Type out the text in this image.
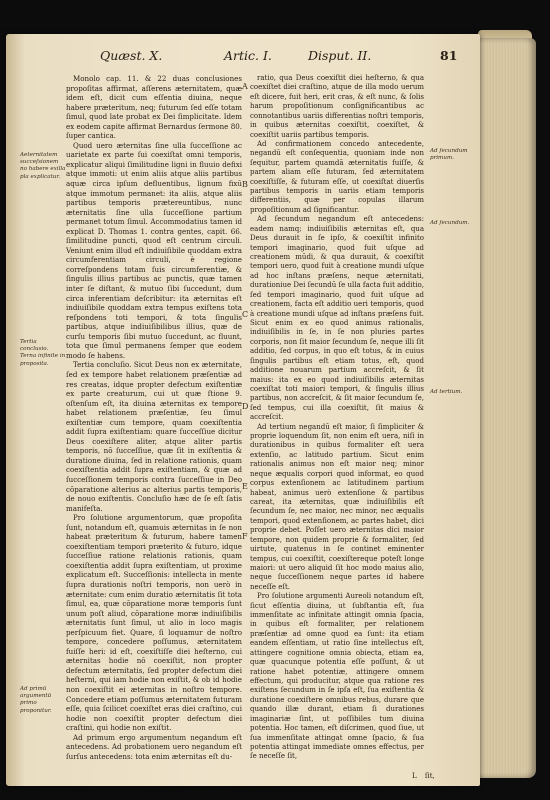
Quæst. X.	Artic. I.	Disput. II.	81
Aeternitatem succeſsionem no habere exilla pla explicatur.
Tertia conclusio. Terna infinite in proposita.
Ad primū argumentū primo proponitur.

Monolo cap. 11. & 22 duas conclusiones propoſitas affirmat, aſſerens æternitatem, quæ idem eſt, dicit cum eſſentia diuina, neque habere præteritum, neq; futurum ſed eſſe totam ſimul, quod late probat ex Dei ſimplicitate. Idem ex eodem capite affirmat Bernardus ſermone 80. ſuper cantica.

Quod uero æternitas ſine ulla ſucceſſione ac uarietate ex parte ſui coexiſtat omni temporis, explicatur aliqui ſimilitudine ligni in fluuio defixi atque immoti: ut enim aliis atque aliis partibus aquæ circa ipſum defluentibus, lignum fixū atque immotum permanet: ita aliis, atque aliis partibus temporis prætereuntibus, nunc æternitatis ſine ulla ſucceſſione partium permanet totum ſimul. Accommodatius tamen id explicat D. Thomas 1. contra gentes, capit. 66. ſimilitudine puncti, quod eſt centrum circuli. Veniunt enim illud eſt indiuiſibile quoddam extra circumferentiam circuli, è regione correſpondens totam ſuis circumferentiæ, & ſingulis illius partibus ac punctis, quæ tamen inter ſe diſtant, & mutuo ſibi ſuccedunt, dum circa inferentiam deſcribitur: ita æternitas eſt indiuiſibile quoddam extra tempus exiſtens tota reſpondens toti tempori, & tota ſingulis partibus, atque indiuiſibilibus illius, quæ de curſu temporis ſibi mutuo ſuccedunt, ac fluunt, tota que ſimul permanens ſemper que eodem modo ſe habens.

Tertia concluſio. Sicut Deus non ex æternitate, ſed ex tempore habet relationem præſentiæ ad res creatas, idque propter defectum exiſtentiæ ex parte creaturum, cui ut quæ ſtione 9. oſtenſum eſt, ita diuina æternitas ex tempore habet relationem præſentiæ, ſeu ſimul exiſtentiæ cum tempore, quam coexiſtentia addit ſupra exiſtentiam: quare ſucceſſiue dicitur Deus coexiſtere aliter, atque aliter partis temporis, nō ſucceſſiue, quæ ſit in exiſtentia & duratione diuina, ſed in relatione rationis, quam coexiſtentia addit ſupra exiſtentiam, & quæ ad ſucceſſionem temporis contra ſucceſſiue in Deo cōparatione alterius ac alterius partis temporis, de nouo exiſtentis. Concluſio hæc de ſe eſt ſatis manifeſta.

Pro ſolutione argumentorum, quæ propoſita ſunt, notandum eſt, quamuis æternitas in ſe non habeat præteritum & futurum, habere tamen coexiſtentiam tempori præterito & futuro, idque ſucceſſiue ratione relationis rationis, quam coexiſtentia addit ſupra exiſtentiam, ut proxime explicatum eſt. Succeſſionis: intellecta in mente ſupra durationis noſtri temporis, non uerò in æternitate: cum enim duratio æternitatis ſit tota ſimul, ea, quæ cōparatione moræ temporis ſunt unum poſt aliud, cōparatione moræ indiuiſibilis æternitatis ſunt ſimul, ut alio in loco magis perſpicuum fiet. Quare, ſi loquamur de noſtro tempore, concedere poſſumus, æternitatem fuiſſe heri: id eſt, coexiſtiſſe diei heſterno, cui æternitas hodie nō coexiſtit, non propter defectum æternitatis, ſed propter defectum diei heſterni, qui iam hodie non exiſtit, & ob id hodie non coexiſtit ei æternitas in noſtro tempore. Concedere etiam poſſumus æternitatem futuram eſſe, quia ſcilicet coexiſtet eras diei craſtino, cui hodie non coexiſtit propter defectum diei craſtini, qui hodie non exiſtit.

Ad primum ergo argumentum negandum eſt antecedens. Ad probationem uero negandum eſt ſurſus antecedens: tota enim æternitas eſt du-

A
B
C
D
E
F

ratio, qua Deus coexiſtit diei heſterno, & qua coexiſtet diei craſtino, atque de illa modo uerum eſt dicere, fuit heri, erit cras, & eſt nunc, & ſolis harum propoſitionum conſignificantibus ac connotantibus uariis differentias noſtri temporis, in quibus æternitas coexiſtit, coexiſtet, & coexiſtit uariis partibus temporis.

Ad confirmationem concedo antecedente, negandū eſt conſequentia, quoniam inde non ſequitur, partem quamdā æternitatis fuiſſe, & partem aliam eſſe futuram, ſed æternitatem coexiſtiſſe, & futuram eſſe, ut coexiſtat diuerſis partibus temporis in uariis etiam temporis differentiis, quæ per copulas illarum propoſitionum ad ſignificantur.

Ad ſecundum negandum eſt antecedens: eadem namq; indiuiſibilis æternitas eſt, qua Deus durauit in ſe ipſo, & coexiſtit infinito tempori imaginario, quod fuit uſque ad creationem mūdi, & qua durauit, & coexiſtit tempori uero, quod fuit à creatione mundi uſque ad hoc inſtans præſens, neque æternitati, durationiue Dei ſecundū ſe ulla facta fuit additio, ſed tempori imaginario, quod fuit uſque ad creationem, facta eſt additio ueri temporis, quod à creatione mundi uſque ad inſtans præſens fuit. Sicut enim ex eo quod animus rationalis, indiuiſibilis in ſe, in ſe non pluries partes corporis, non ſit maior ſecundum ſe, neque illi ſit additio, ſed corpus, in quo eſt totus, & in cuius ſingulis partibus eſt etiam totus, eſt, quod additione nouarum partium accreſcit, & ſit maius: ita ex eo quod indiuiſibilis æternitas coexiſtat toti maiori tempori, & ſingulis illius partibus, non accreſcit, & ſit maior ſecundum ſe, ſed tempus, cui illa coexiſtit, ſit maius & accreſcit.

Ad tertium negandū eſt maior, ſi ſimpliciter & proprie loquendum ſit, non enim eſt uera, niſi in durationibus in quibus formaliter eſt uera extenſio, ac latitudo partium. Sicut enim rationalis animus non eſt maior neq; minor neque æqualis corpori quod informat, eo quod corpus extenſionem ac latitudinem partium habeat, animus uerò extenſione & partibus careat, ita æternitas, quæ indiuiſibilis eſt ſecundum ſe, nec maior, nec minor, nec æqualis tempori, quod extenſionem, ac partes habet, dici proprie debet. Poſſet uero æternitas dici maior tempore, non quidem proprie & formaliter, ſed uirtute, quatenus in ſe continet eminenter tempus, cui coexiſtit, coexiſtereque poteſt longe maiori: ut uero aliquid ſit hoc modo maius alio, neque ſucceſſionem neque partes id habere neceſſe eſt.

Pro ſolutione argumenti Aureoli notandum eſt, ſicut eſſentia diuina, ut ſubſtantia eſt, ſua immenſitate ac infinitate attingit omnia ſpacia, in quibus eſt formaliter, per relationem præſentiæ ad omne quod ea ſunt: ita etiam eandem eſſentiam, ut ratio ſine intellectus eſt, attingere cognitione omnia obiecta, etiam ea, quæ quacunque potentia eſſe poſſunt, & ut ratione habet potentiæ, attingere omnem effectum, qui producitur, atque qua ratione res exiſtens ſecundum in ſe ipſa eſt, ſua exiſtentia & duratione coexiſtere omnibus rebus, durare que quando illæ durant, etiam ſi durationes imaginariæ ſint, ut poſſibiles tum diuina potentia. Hoc tamen, eſt diſcrimen, quod ſiue, ut ſua immenſitate attingat omne ſpacio, & ſua potentia attingat immediate omnes effectus, per ſe neceſſe ſit,

Ad ſecundum primum.
Ad ſecundum.
Ad tertium.
L ſit,
